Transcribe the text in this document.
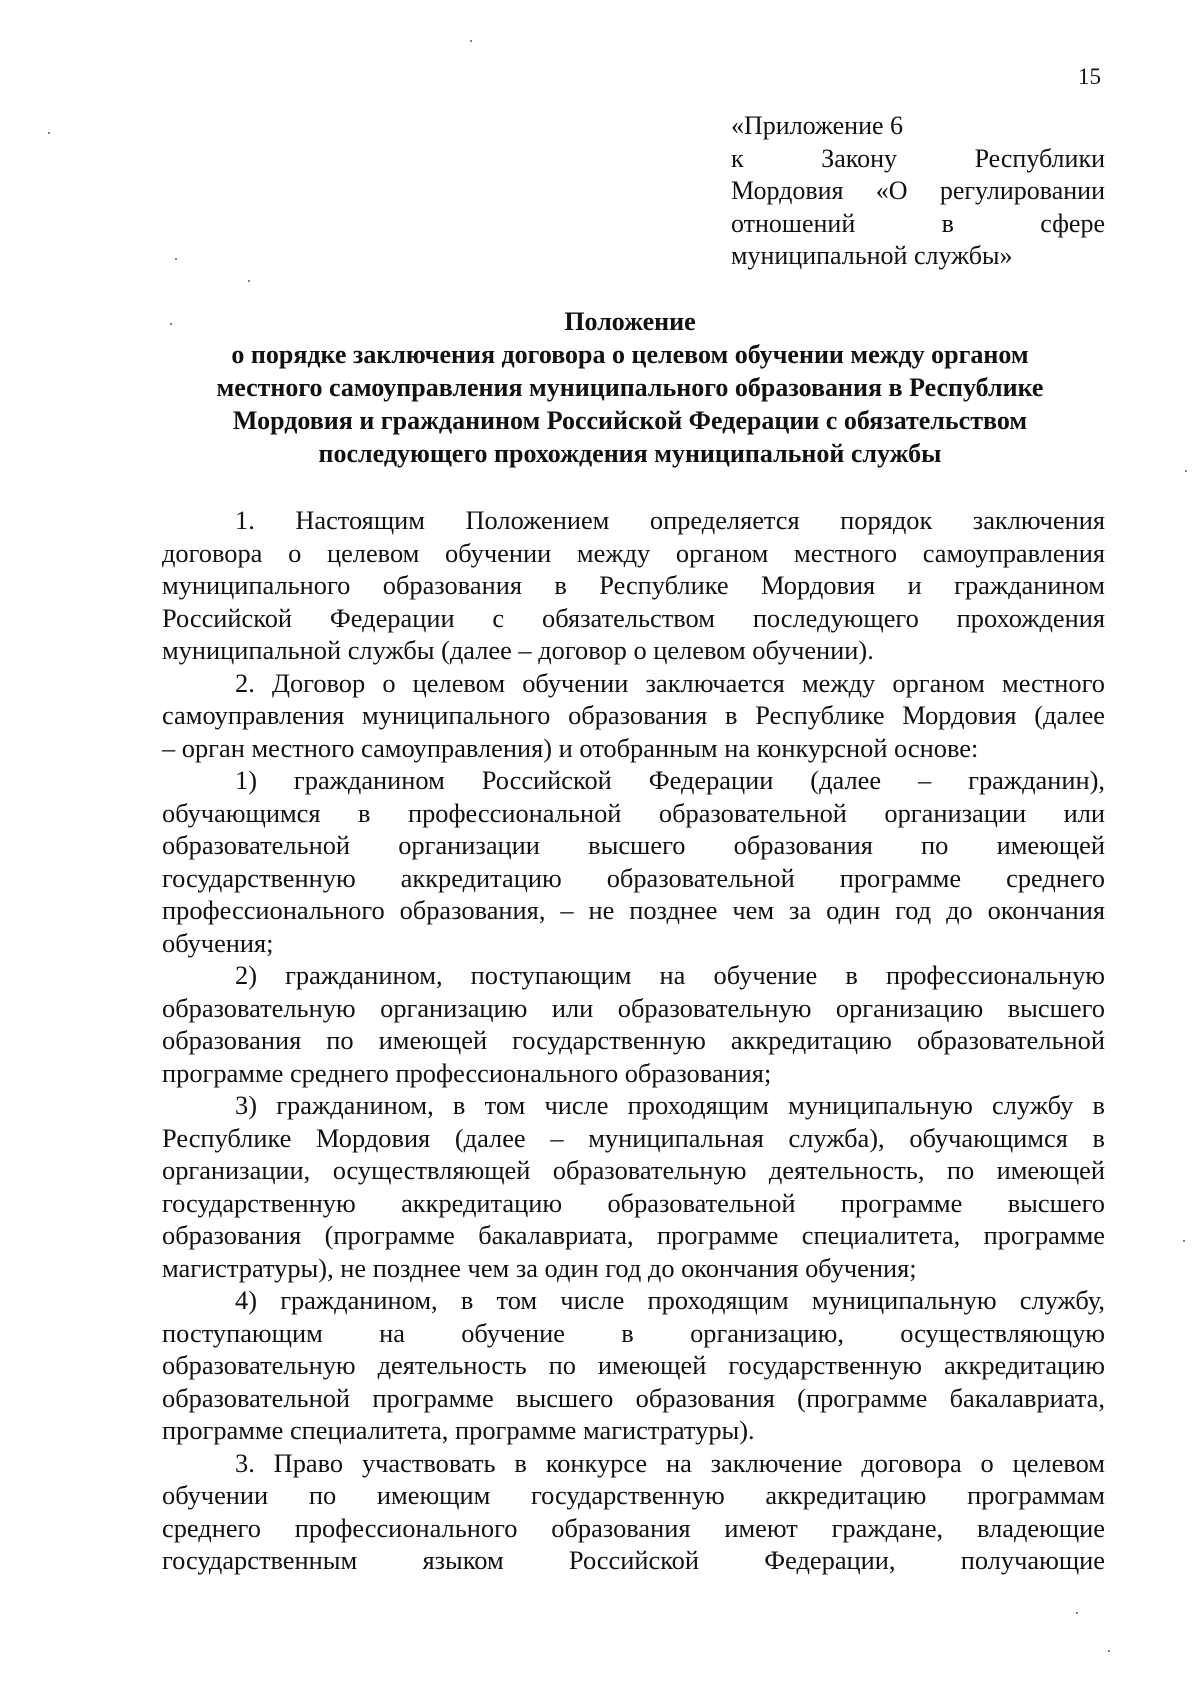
15
«Приложение 6
к Закону Республики
Мордовия «О регулировании
отношений в сфере
муниципальной службы»
Положение
о порядке заключения договора о целевом обучении между органом
местного самоуправления муниципального образования в Республике
Мордовия и гражданином Российской Федерации с обязательством
последующего прохождения муниципальной службы
1. Настоящим Положением определяется порядок заключения
договора о целевом обучении между органом местного самоуправления
муниципального образования в Республике Мордовия и гражданином
Российской Федерации с обязательством последующего прохождения
муниципальной службы (далее – договор о целевом обучении).
2. Договор о целевом обучении заключается между органом местного
самоуправления муниципального образования в Республике Мордовия (далее
– орган местного самоуправления) и отобранным на конкурсной основе:
1) гражданином Российской Федерации (далее – гражданин),
обучающимся в профессиональной образовательной организации или
образовательной организации высшего образования по имеющей
государственную аккредитацию образовательной программе среднего
профессионального образования, – не позднее чем за один год до окончания
обучения;
2) гражданином, поступающим на обучение в профессиональную
образовательную организацию или образовательную организацию высшего
образования по имеющей государственную аккредитацию образовательной
программе среднего профессионального образования;
3) гражданином, в том числе проходящим муниципальную службу в
Республике Мордовия (далее – муниципальная служба), обучающимся в
организации, осуществляющей образовательную деятельность, по имеющей
государственную аккредитацию образовательной программе высшего
образования (программе бакалавриата, программе специалитета, программе
магистратуры), не позднее чем за один год до окончания обучения;
4) гражданином, в том числе проходящим муниципальную службу,
поступающим на обучение в организацию, осуществляющую
образовательную деятельность по имеющей государственную аккредитацию
образовательной программе высшего образования (программе бакалавриата,
программе специалитета, программе магистратуры).
3. Право участвовать в конкурсе на заключение договора о целевом
обучении по имеющим государственную аккредитацию программам
среднего профессионального образования имеют граждане, владеющие
государственным языком Российской Федерации, получающие
